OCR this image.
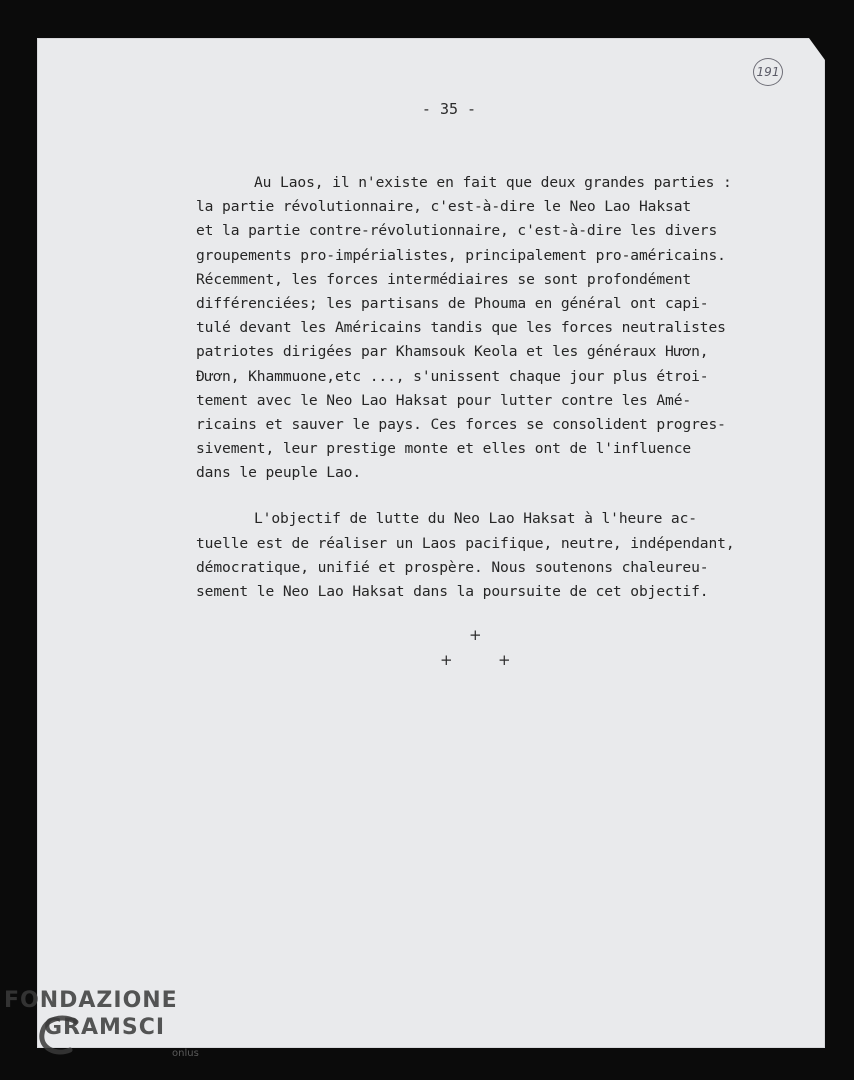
191
- 35 -
Au Laos, il n'existe en fait que deux grandes parties :
la partie révolutionnaire, c'est-à-dire le Neo Lao Haksat
et la partie contre-révolutionnaire, c'est-à-dire les divers
groupements pro-impérialistes, principalement pro-américains.
Récemment, les forces intermédiaires se sont profondément
différenciées; les partisans de Phouma en général ont capi-
tulé devant les Américains tandis que les forces neutralistes
patriotes dirigées par Khamsouk Keola et les généraux Hươn,
Đươn, Khammuone,etc ..., s'unissent chaque jour plus étroi-
tement avec le Neo Lao Haksat pour lutter contre les Amé-
ricains et sauver le pays. Ces forces se consolident progres-
sivement, leur prestige monte et elles ont de l'influence
dans le peuple Lao.
L'objectif de lutte du Neo Lao Haksat à l'heure ac-
tuelle est de réaliser un Laos pacifique, neutre, indépendant,
démocratique, unifié et prospère. Nous soutenons chaleureu-
sement le Neo Lao Haksat dans la poursuite de cet objectif.
+
+	+
FONDAZIONE
GRAMSCI
onlus
